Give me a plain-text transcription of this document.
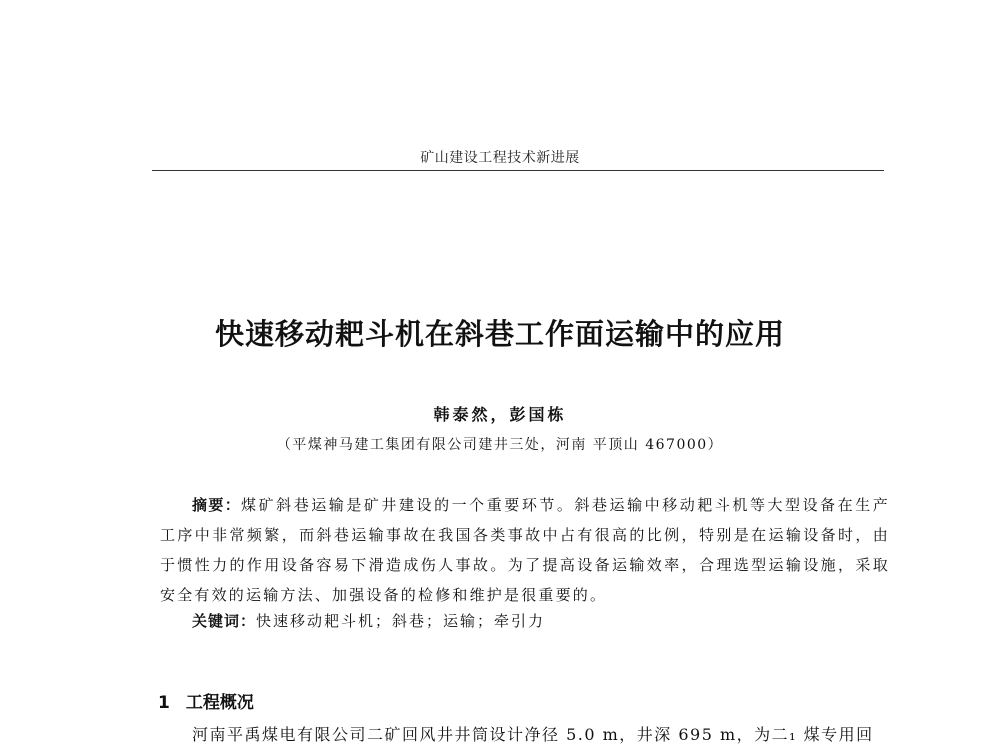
矿山建设工程技术新进展
快速移动耙斗机在斜巷工作面运输中的应用
韩泰然，彭国栋
（平煤神马建工集团有限公司建井三处，河南 平顶山 467000）

摘要：煤矿斜巷运输是矿井建设的一个重要环节。斜巷运输中移动耙斗机等大型设备在生产工序中非常频繁，而斜巷运输事故在我国各类事故中占有很高的比例，特别是在运输设备时，由于惯性力的作用设备容易下滑造成伤人事故。为了提高设备运输效率，合理选型运输设施，采取安全有效的运输方法、加强设备的检修和维护是很重要的。

关键词：快速移动耙斗机；斜巷；运输；牵引力

1 工程概况

河南平禹煤电有限公司二矿回风井井筒设计净径 5.0 m，井深 695 m，为二₁ 煤专用回
